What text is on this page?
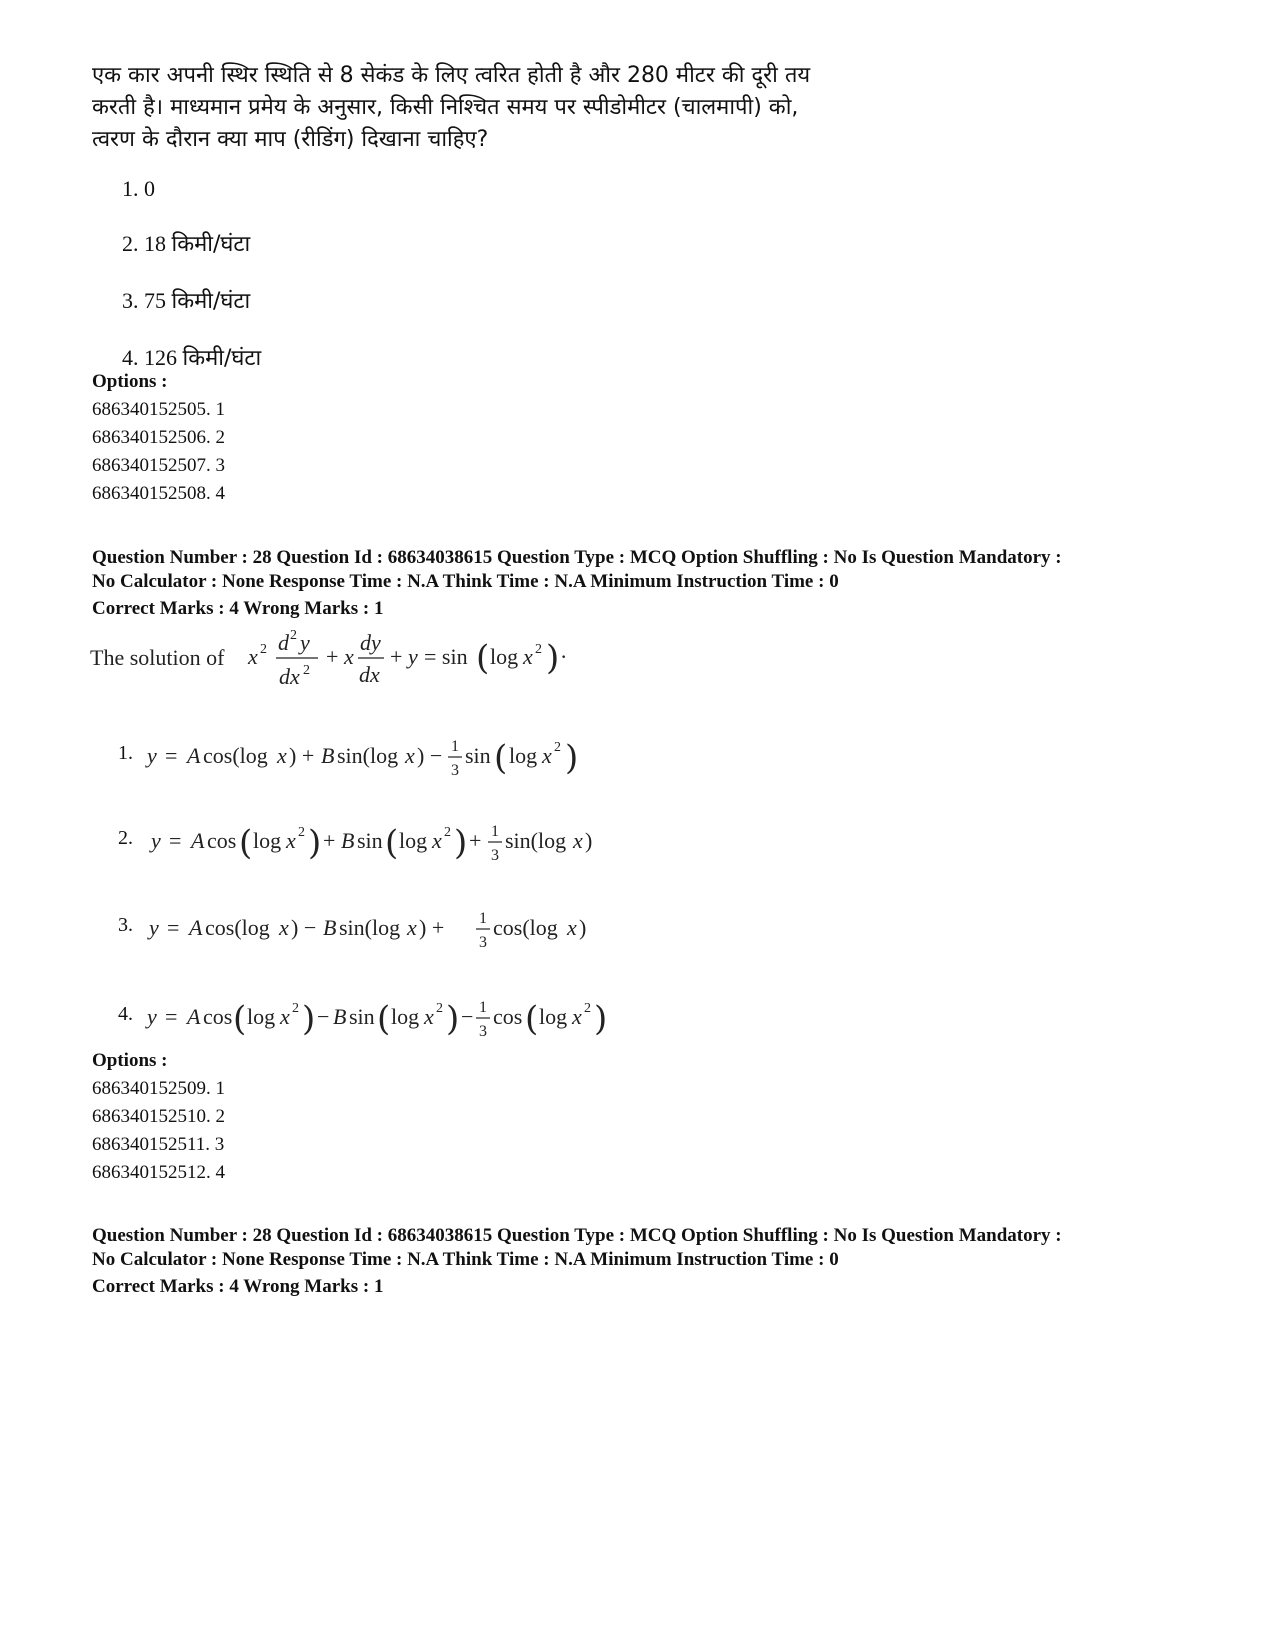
एक कार अपनी स्थिर स्थिति से 8 सेकंड के लिए त्वरित होती है और 280 मीटर की दूरी तय
करती है। माध्यमान प्रमेय के अनुसार, किसी निश्चित समय पर स्पीडोमीटर (चालमापी) को,
त्वरण के दौरान क्या माप (रीडिंग) दिखाना चाहिए?
1. 0
2. 18 किमी/घंटा
3. 75 किमी/घंटा
4. 126 किमी/घंटा
Options :
686340152505. 1
686340152506. 2
686340152507. 3
686340152508. 4
Question Number : 28 Question Id : 68634038615 Question Type : MCQ Option Shuffling : No Is Question Mandatory :
No Calculator : None Response Time : N.A Think Time : N.A Minimum Instruction Time : 0
Correct Marks : 4 Wrong Marks : 1
The solution of x 2 d 2 y
dx 2
+ x
dy
dx
+ y = sin ( log x 2 ) ·
1. y = A cos(log x ) + B sin(log x ) − 1
3
sin ( log x 2 )
2. y = A cos ( log x 2 ) + B sin ( log x 2 ) + 1
3
sin(log x )
3. y = A cos(log x ) − B sin(log x ) + 1
3
cos(log x )
4. y = A cos ( log x 2 ) − B sin ( log x 2 ) − 1
3
cos ( log x 2 )
Options :
686340152509. 1
686340152510. 2
686340152511. 3
686340152512. 4
Question Number : 28 Question Id : 68634038615 Question Type : MCQ Option Shuffling : No Is Question Mandatory :
No Calculator : None Response Time : N.A Think Time : N.A Minimum Instruction Time : 0
Correct Marks : 4 Wrong Marks : 1
